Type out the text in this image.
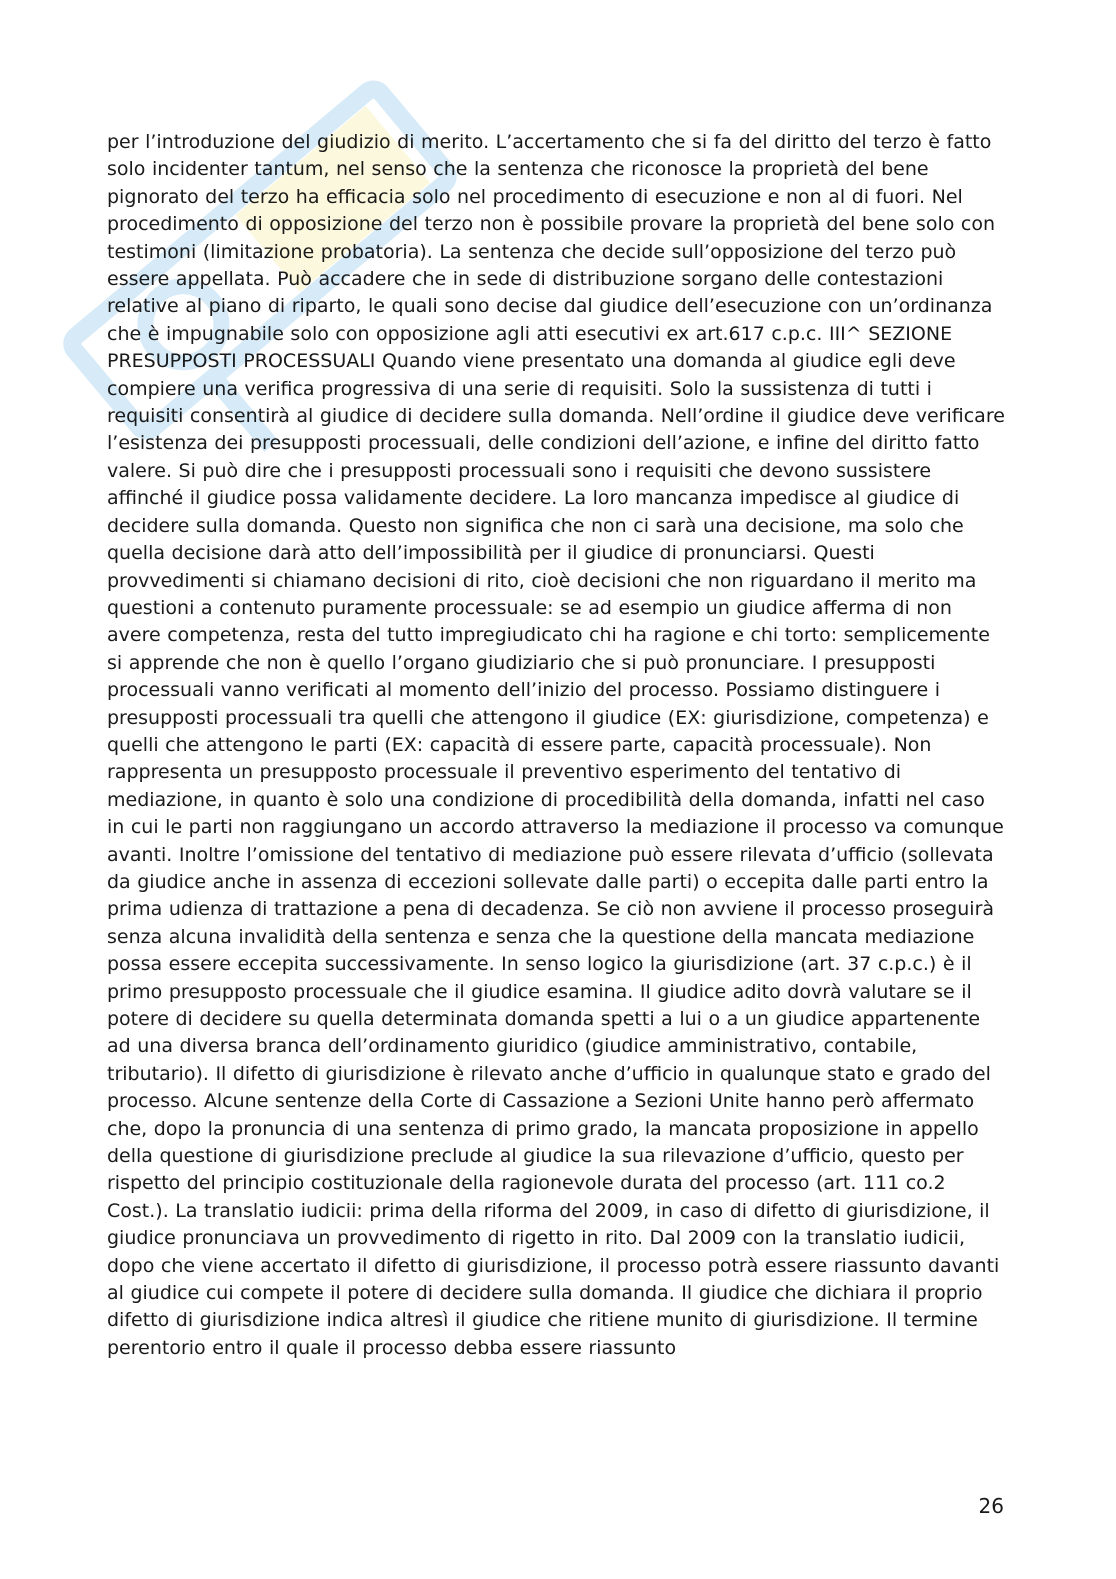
per l’introduzione del giudizio di merito. L’accertamento che si fa del diritto del terzo è fatto solo incidenter tantum, nel senso che la sentenza che riconosce la proprietà del bene pignorato del terzo ha efficacia solo nel procedimento di esecuzione e non al di fuori. Nel procedimento di opposizione del terzo non è possibile provare la proprietà del bene solo con testimoni (limitazione probatoria). La sentenza che decide sull’opposizione del terzo può essere appellata. Può accadere che in sede di distribuzione sorgano delle contestazioni relative al piano di riparto, le quali sono decise dal giudice dell’esecuzione con un’ordinanza che è impugnabile solo con opposizione agli atti esecutivi ex art.617 c.p.c. III^ SEZIONE PRESUPPOSTI PROCESSUALI Quando viene presentato una domanda al giudice egli deve compiere una verifica progressiva di una serie di requisiti. Solo la sussistenza di tutti i requisiti consentirà al giudice di decidere sulla domanda. Nell’ordine il giudice deve verificare l’esistenza dei presupposti processuali, delle condizioni dell’azione, e infine del diritto fatto valere. Si può dire che i presupposti processuali sono i requisiti che devono sussistere affinché il giudice possa validamente decidere. La loro mancanza impedisce al giudice di decidere sulla domanda. Questo non significa che non ci sarà una decisione, ma solo che quella decisione darà atto dell’impossibilità per il giudice di pronunciarsi. Questi provvedimenti si chiamano decisioni di rito, cioè decisioni che non riguardano il merito ma questioni a contenuto puramente processuale: se ad esempio un giudice afferma di non avere competenza, resta del tutto impregiudicato chi ha ragione e chi torto: semplicemente si apprende che non è quello l’organo giudiziario che si può pronunciare. I presupposti processuali vanno verificati al momento dell’inizio del processo. Possiamo distinguere i presupposti processuali tra quelli che attengono il giudice (EX: giurisdizione, competenza) e quelli che attengono le parti (EX: capacità di essere parte, capacità processuale). Non rappresenta un presupposto processuale il preventivo esperimento del tentativo di mediazione, in quanto è solo una condizione di procedibilità della domanda, infatti nel caso in cui le parti non raggiungano un accordo attraverso la mediazione il processo va comunque avanti. Inoltre l’omissione del tentativo di mediazione può essere rilevata d’ufficio (sollevata da giudice anche in assenza di eccezioni sollevate dalle parti) o eccepita dalle parti entro la prima udienza di trattazione a pena di decadenza. Se ciò non avviene il processo proseguirà senza alcuna invalidità della sentenza e senza che la questione della mancata mediazione possa essere eccepita successivamente. In senso logico la giurisdizione (art. 37 c.p.c.) è il primo presupposto processuale che il giudice esamina. Il giudice adito dovrà valutare se il potere di decidere su quella determinata domanda spetti a lui o a un giudice appartenente ad una diversa branca dell’ordinamento giuridico (giudice amministrativo, contabile, tributario). Il difetto di giurisdizione è rilevato anche d’ufficio in qualunque stato e grado del processo. Alcune sentenze della Corte di Cassazione a Sezioni Unite hanno però affermato che, dopo la pronuncia di una sentenza di primo grado, la mancata proposizione in appello della questione di giurisdizione preclude al giudice la sua rilevazione d’ufficio, questo per rispetto del principio costituzionale della ragionevole durata del processo (art. 111 co.2 Cost.). La translatio iudicii: prima della riforma del 2009, in caso di difetto di giurisdizione, il giudice pronunciava un provvedimento di rigetto in rito. Dal 2009 con la translatio iudicii, dopo che viene accertato il difetto di giurisdizione, il processo potrà essere riassunto davanti al giudice cui compete il potere di decidere sulla domanda. Il giudice che dichiara il proprio difetto di giurisdizione indica altresì il giudice che ritiene munito di giurisdizione. Il termine perentorio entro il quale il processo debba essere riassunto

26
